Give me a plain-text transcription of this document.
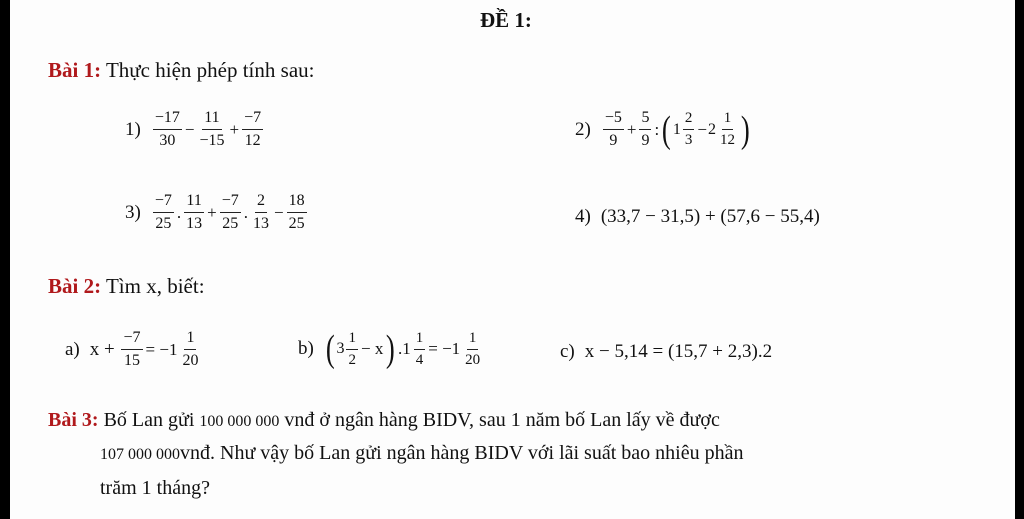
ĐỀ 1:
Bài 1: Thực hiện phép tính sau:
$1) \frac{-17}{30} - \frac{11}{-15} + \frac{-7}{12}$	$2) \frac{-5}{9} + \frac{5}{9}$ : ( $1 \frac{2}{3} - 2 \frac{1}{12}$ )
$3) \frac{-7}{25}$ . $\frac{11}{13} + \frac{-7}{25}$ . $\frac{2}{13} - \frac{18}{25}$	4) (33,7 − 31,5) + (57,6 − 55,4)
Bài 2: Tìm x, biết:
a) $x + \frac{-7}{15} = -1 \frac{1}{20}$	b) ( $3 \frac{1}{2} - x$ ) $.1 \frac{1}{4} = -1 \frac{1}{20}$	c) x − 5,14 = (15,7 + 2,3).2
Bài 3: Bố Lan gửi 100 000 000 vnđ ở ngân hàng BIDV, sau 1 năm bố Lan lấy về được
107 000 000vnđ. Như vậy bố Lan gửi ngân hàng BIDV với lãi suất bao nhiêu phần
trăm 1 tháng?
